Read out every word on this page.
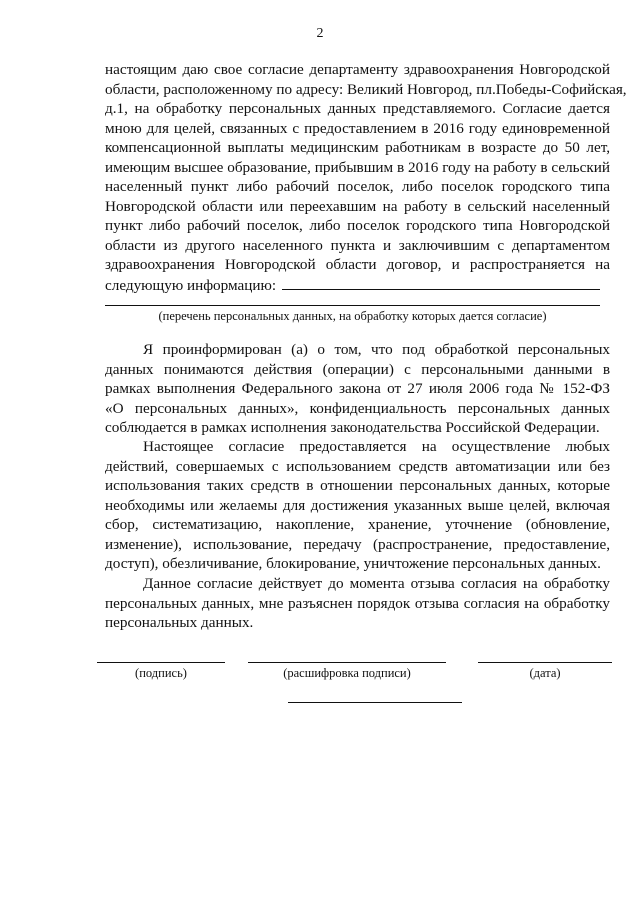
2
настоящим даю свое согласие департаменту здравоохранения Новгородской
области, расположенному по адресу: Великий Новгород, пл.Победы-Софийская,
д.1, на обработку персональных данных представляемого. Согласие дается
мною для целей, связанных с предоставлением в 2016 году единовременной
компенсационной выплаты медицинским работникам в возрасте до 50 лет,
имеющим высшее образование, прибывшим в 2016 году на работу в сельский
населенный пункт либо рабочий поселок, либо поселок городского типа
Новгородской области или переехавшим на работу в сельский населенный
пункт либо рабочий поселок, либо поселок городского типа Новгородской
области из другого населенного пункта и заключившим с департаментом
здравоохранения Новгородской области договор, и распространяется на
следующую информацию:
(перечень персональных данных, на обработку которых дается согласие)
Я проинформирован (а) о том, что под обработкой персональных
данных понимаются действия (операции) с персональными данными в
рамках выполнения Федерального закона от 27 июля 2006 года № 152-ФЗ
«О персональных данных», конфиденциальность персональных данных
соблюдается в рамках исполнения законодательства Российской Федерации.
Настоящее согласие предоставляется на осуществление любых
действий, совершаемых с использованием средств автоматизации или без
использования таких средств в отношении персональных данных, которые
необходимы или желаемы для достижения указанных выше целей, включая
сбор, систематизацию, накопление, хранение, уточнение (обновление,
изменение), использование, передачу (распространение, предоставление,
доступ), обезличивание, блокирование, уничтожение персональных данных.
Данное согласие действует до момента отзыва согласия на обработку
персональных данных, мне разъяснен порядок отзыва согласия на обработку
персональных данных.
(подпись)	(расшифровка подписи)	(дата)
